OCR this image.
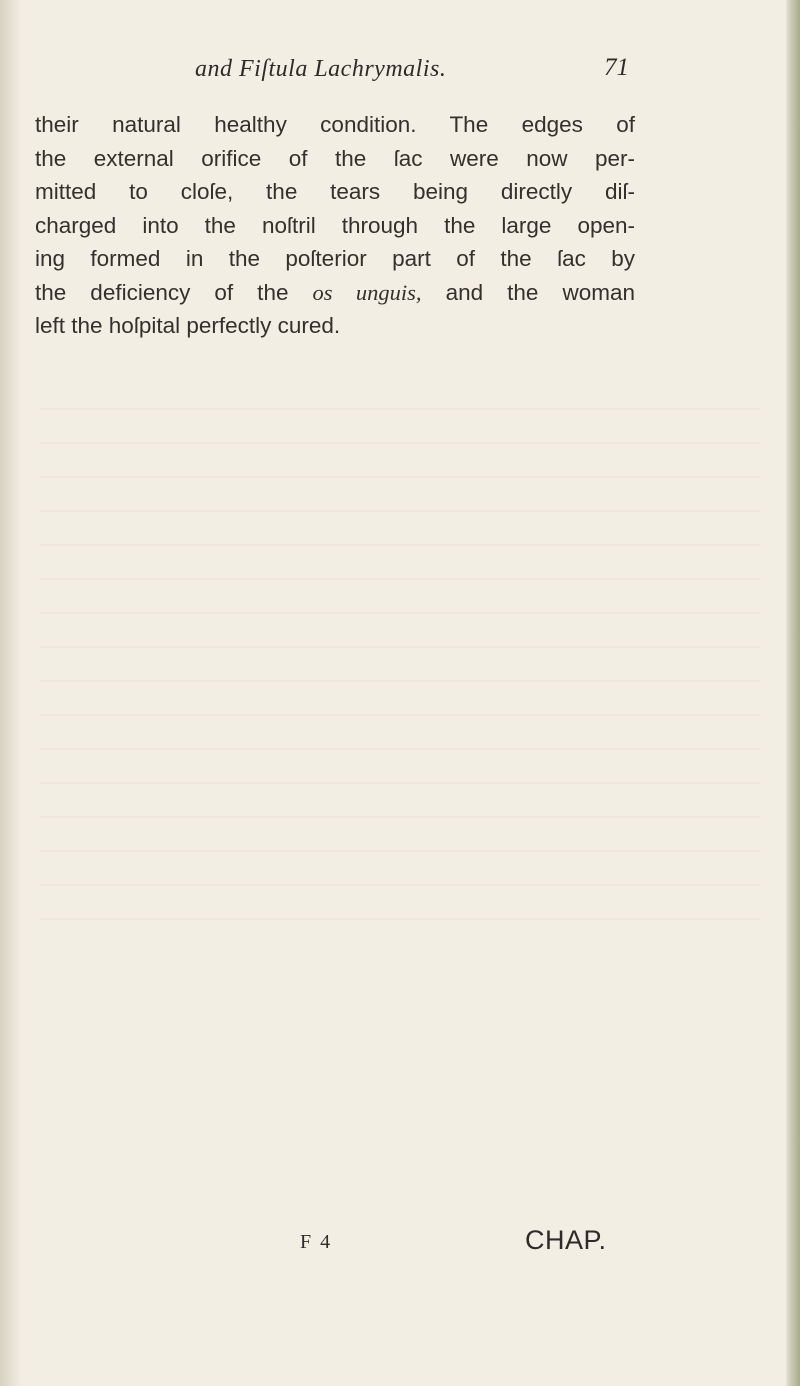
and Fiſtula Lachrymalis.	71
their natural healthy condition. The edges of
the external orifice of the ſac were now per-
mitted to cloſe, the tears being directly diſ-
charged into the noſtril through the large open-
ing formed in the poſterior part of the ſac by
the deficiency of the os unguis, and the woman
left the hoſpital perfectly cured.
F 4	CHAP.
